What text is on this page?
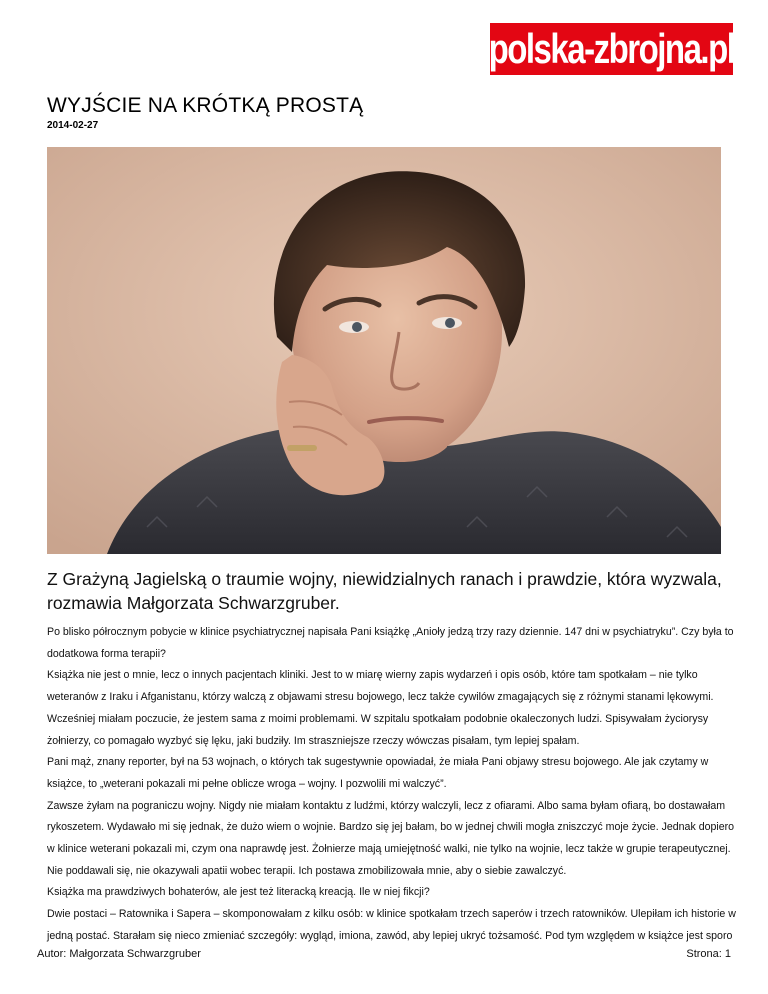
polska-zbrojna.pl
WYJŚCIE NA KRÓTKĄ PROSTĄ
2014-02-27
Z Grażyną Jagielską o traumie wojny, niewidzialnych ranach i prawdzie, która wyzwala, rozmawia Małgorzata Schwarzgruber.

Po blisko półrocznym pobycie w klinice psychiatrycznej napisała Pani książkę „Anioły jedzą trzy razy dziennie. 147 dni w psychiatryku”. Czy była to

dodatkowa forma terapii?

Książka nie jest o mnie, lecz o innych pacjentach kliniki. Jest to w miarę wierny zapis wydarzeń i opis osób, które tam spotkałam – nie tylko

weteranów z Iraku i Afganistanu, którzy walczą z objawami stresu bojowego, lecz także cywilów zmagających się z różnymi stanami lękowymi.

Wcześniej miałam poczucie, że jestem sama z moimi problemami. W szpitalu spotkałam podobnie okaleczonych ludzi. Spisywałam życiorysy

żołnierzy, co pomagało wyzbyć się lęku, jaki budziły. Im straszniejsze rzeczy wówczas pisałam, tym lepiej spałam.

Pani mąż, znany reporter, był na 53 wojnach, o których tak sugestywnie opowiadał, że miała Pani objawy stresu bojowego. Ale jak czytamy w

książce, to „weterani pokazali mi pełne oblicze wroga – wojny. I pozwolili mi walczyć”.

Zawsze żyłam na pograniczu wojny. Nigdy nie miałam kontaktu z ludźmi, którzy walczyli, lecz z ofiarami. Albo sama byłam ofiarą, bo dostawałam

rykoszetem. Wydawało mi się jednak, że dużo wiem o wojnie. Bardzo się jej bałam, bo w jednej chwili mogła zniszczyć moje życie. Jednak dopiero

w klinice weterani pokazali mi, czym ona naprawdę jest. Żołnierze mają umiejętność walki, nie tylko na wojnie, lecz także w grupie terapeutycznej.

Nie poddawali się, nie okazywali apatii wobec terapii. Ich postawa zmobilizowała mnie, aby o siebie zawalczyć.

Książka ma prawdziwych bohaterów, ale jest też literacką kreacją. Ile w niej fikcji?

Dwie postaci – Ratownika i Sapera – skomponowałam z kilku osób: w klinice spotkałam trzech saperów i trzech ratowników. Ulepiłam ich historie w

jedną postać. Starałam się nieco zmieniać szczegóły: wygląd, imiona, zawód, aby lepiej ukryć tożsamość. Pod tym względem w książce jest sporo

Autor: Małgorzata Schwarzgruber	Strona: 1
